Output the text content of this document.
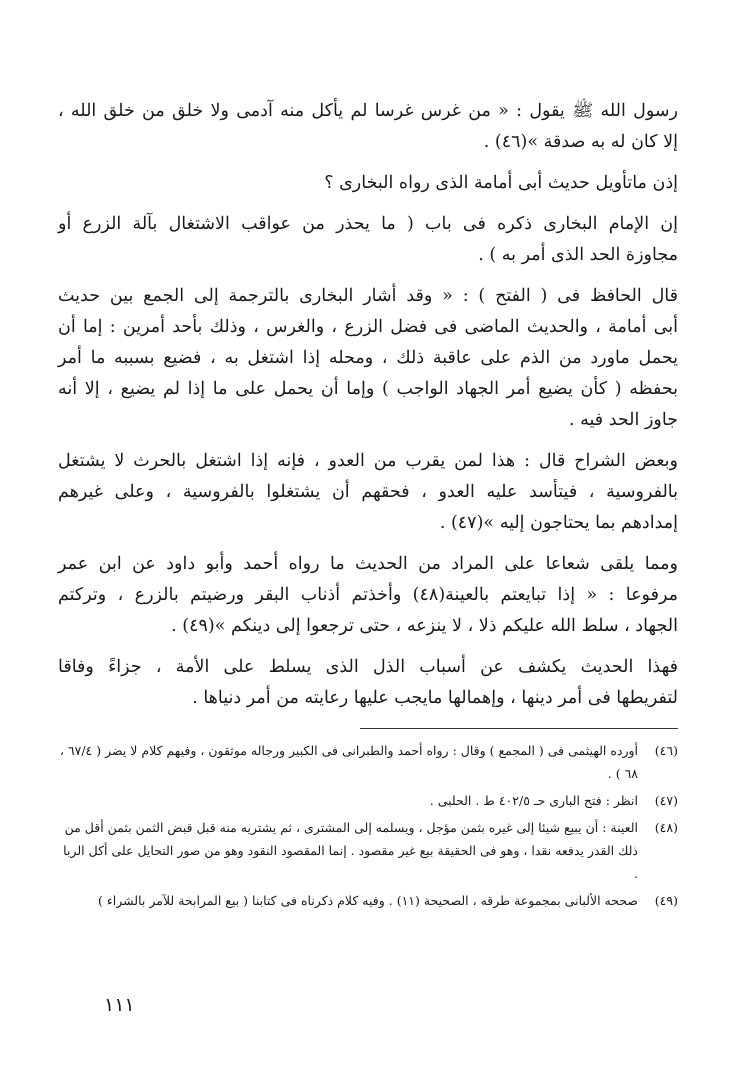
رسول الله ﷺ يقول : « من غرس غرسا لم يأكل منه آدمى ولا خلق من خلق الله ،
إلا كان له به صدقة »(٤٦) .

إذن ماتأويل حديث أبى أمامة الذى رواه البخارى ؟

إن الإمام البخارى ذكره فى باب ( ما يحذر من عواقب الاشتغال بآلة الزرع أو
مجاوزة الحد الذى أمر به ) .

قال الحافظ فى ( الفتح ) : « وقد أشار البخارى بالترجمة إلى الجمع بين حديث
أبى أمامة ، والحديث الماضى فى فضل الزرع ، والغرس ، وذلك بأحد أمرين : إما أن
يحمل ماورد من الذم على عاقبة ذلك ، ومحله إذا اشتغل به ، فضيع بسببه ما أمر
بحفظه ( كأن يضيع أمر الجهاد الواجب ) وإما أن يحمل على ما إذا لم يضيع ، إلا أنه
جاوز الحد فيه .

وبعض الشراح قال : هذا لمن يقرب من العدو ، فإنه إذا اشتغل بالحرث لا يشتغل
بالفروسية ، فيتأسد عليه العدو ، فحقهم أن يشتغلوا بالفروسية ، وعلى غيرهم
إمدادهم بما يحتاجون إليه »(٤٧) .

ومما يلقى شعاعا على المراد من الحديث ما رواه أحمد وأبو داود عن ابن عمر
مرفوعا : « إذا تبايعتم بالعينة(٤٨) وأخذتم أذناب البقر ورضيتم بالزرع ، وتركتم
الجهاد ، سلط الله عليكم ذلا ، لا ينزعه ، حتى ترجعوا إلى دينكم »(٤٩) .

فهذا الحديث يكشف عن أسباب الذل الذى يسلط على الأمة ، جزاءً وفاقا
لتفريطها فى أمر دينها ، وإهمالها مايجب عليها رعايته من أمر دنياها .

(٤٦)
أورده الهيثمى فى ( المجمع ) وقال : رواه أحمد والطبرانى فى الكبير ورجاله موثقون ، وفيهم كلام لا يضر ( ٦٧/٤ ، ٦٨ ) .
(٤٧)
انظر : فتح البارى حـ ٤٠٢/٥ ط . الحلبى .
(٤٨)
العينة : أن يبيع شيئا إلى غيره بثمن مؤجل ، ويسلمه إلى المشترى ، ثم يشتريه منه قبل قبض الثمن بثمن أقل من ذلك القدر يدفعه نقدا ، وهو فى الحقيقة بيع غير مقصود . إنما المقصود النقود وهو من صور التحايل على أكل الربا .
(٤٩)
صححه الألبانى بمجموعة طرقه ، الصحيحة (١١) . وفيه كلام ذكرناه فى كتابنا ( بيع المرابحة للآمر بالشراء )
١١١
